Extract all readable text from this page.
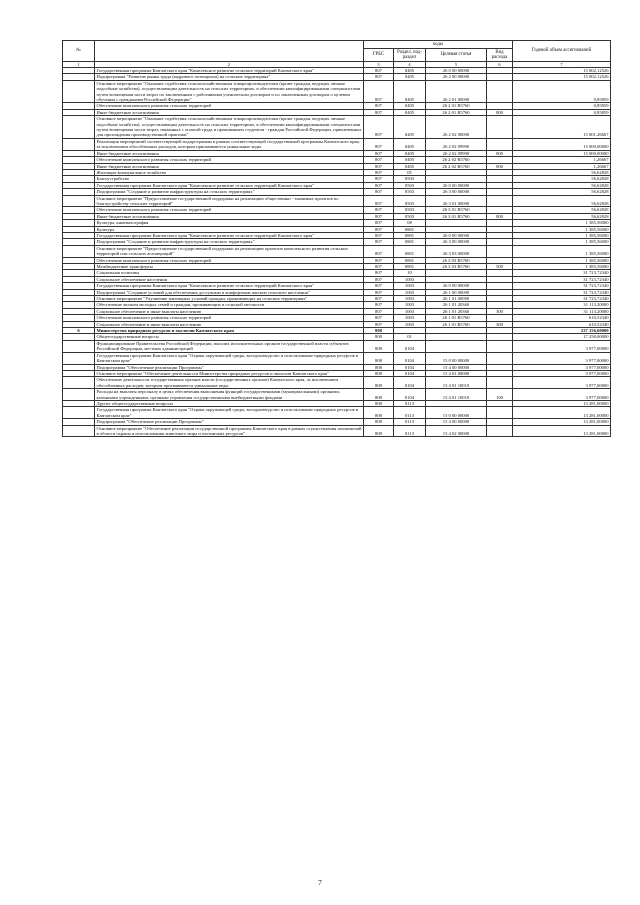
№		коды				Годовой объем ассигнований
		ГРБС	Раздел, под- раздел	Целевая статья	Вид расхода	
1	2	3	4	5	6	7
	Государственная программа Камчатского края "Комплексное развитие сельских территорий Камчатского края"	807	0405	26 0 00 00000		15 002,12526
	Подпрограмма "Развитие рынка труда (кадрового потенциала) на сельских территориях"	807	0405	26 2 00 00000		15 002,12526
	Основное мероприятие "Оказание содействия сельскохозяйственным товаропроизводителям (кроме граждан, ведущих личные подсобные хозяйства), осуществляющим деятельность на сельских территориях, в обеспечении квалифицированными специалистами путем возмещения части затрат по заключенным с работниками ученическим договорам и по заключенным договорам о целевом обучении с гражданами Российской Федерации"	807	0405	26 2 01 00000		0,85859
	Обеспечение комплексного развития сельских территорий	807	0405	26 2 01 R5760		0,85859
	Иные бюджетные ассигнования	807	0405	26 2 01 R5760	800	0,85859
	Основное мероприятие "Оказание содействия сельскохозяйственным товаропроизводителям (кроме граждан, ведущих личные подсобные хозяйства), осуществляющим деятельность на сельских территориях, в обеспечении квалифицированными специалистами путем возмещения части затрат, связанных с оплатой труда и проживанием студентов - граждан Российской Федерации, привлеченных для прохождения производственной практики"	807	0405	26 2 02 00000		15 001,26667
	Реализация мероприятий соответствующей подпрограммы в рамках соответствующей государственной программы Камчатского края, за исключением обособленных расходов, которым присваиваются уникальные коды	807	0405	26 2 02 09990		15 000,00000
	Иные бюджетные ассигнования	807	0405	26 2 02 09990	800	15 000,00000
	Обеспечение комплексного развития сельских территорий	807	0405	26 2 02 R5760		1,26667
	Иные бюджетные ассигнования	807	0405	26 2 02 R5760	800	1,26667
	Жилищно-коммунальное хозяйство	807	05			56,62828
	Благоустройство	807	0503			56,62828
	Государственная программа Камчатского края "Комплексное развитие сельских территорий Камчатского края"	807	0503	26 0 00 00000		56,62828
	Подпрограмма "Создание и развитие инфраструктуры на сельских территориях"	807	0503	26 3 00 00000		56,62828
	Основное мероприятие "Предоставление государственной поддержки на реализацию общественно - значимых проектов по благоустройству сельских территорий"	807	0503	26 3 01 00000		56,62828
	Обеспечение комплексного развития сельских территорий	807	0503	26 3 01 R5760		56,62828
	Иные бюджетные ассигнования	807	0503	26 3 01 R5760	800	56,62828
	Культура, кинематография	807	08			1 385,56000
	Культура	807	0801			1 385,56000
	Государственная программа Камчатского края "Комплексное развитие сельских территорий Камчатского края"	807	0801	26 0 00 00000		1 385,56000
	Подпрограмма "Создание и развитие инфраструктуры на сельских территориях"	807	0801	26 3 00 00000		1 385,56000
	Основное мероприятие "Предоставление государственной поддержки на реализацию проектов комплексного развития сельских территорий или сельских агломераций"	807	0801	26 3 03 00000		1 385,56000
	Обеспечение комплексного развития сельских территорий	807	0801	26 3 03 R5760		1 385,56000
	Межбюджетные трансферты	807	0801	26 3 03 R5760	500	1 385,56000
	Социальная политика	807	10			31 723,72340
	Социальное обеспечение населения	807	1003			31 723,72340
	Государственная программа Камчатского края "Комплексное развитие сельских территорий Камчатского края"	807	1003	26 0 00 00000		31 723,72340
	Подпрограмма "Создание условий для обеспечения доступным и комфортным жильем сельского населения"	807	1003	26 1 00 00000		31 723,72340
	Основное мероприятие "Улучшение жилищных условий граждан, проживающих на сельских территориях"	807	1003	26 1 01 00000		31 723,72340
	Обеспечение жильем молодых семей и граждан, проживающих в сельской местности	807	1003	26 1 01 20360		31 113,20000
	Социальное обеспечение и иные выплаты населению	807	1003	26 1 01 20360	300	31 113,20000
	Обеспечение комплексного развития сельских территорий	807	1003	26 1 01 R5760		610,52340
	Социальное обеспечение и иные выплаты населению	807	1003	26 1 01 R5760	300	610,52340
6	Министерство природных ресурсов и экологии Камчатского края	808				237 156,60000
	Общегосударственные вопросы	808	01			17 258,00000
	Функционирование Правительства Российской Федерации, высших исполнительных органов государственной власти субъектов Российской Федерации, местных администраций	808	0104			3 977,00000
	Государственная программа Камчатского края "Охрана окружающей среды, воспроизводство и использование природных ресурсов в Камчатском крае"	808	0104	15 0 00 00000		3 977,00000
	Подпрограмма "Обеспечение реализации Программы"	808	0104	15 4 00 00000		3 977,00000
	Основное мероприятие "Обеспечение деятельности Министерства природных ресурсов и экологии Камчатского края"	808	0104	15 4 01 00000		3 977,00000
	Обеспечение деятельности государственных органов власти (государственных органов) Камчатского края, за исключением обособленных расходов, которым присваиваются уникальные коды	808	0104	15 4 01 10010		3 977,00000
	Расходы на выплаты персоналу в целях обеспечения выполнения функций государственными (муниципальными) органами, казенными учреждениями, органами управления государственными внебюджетными фондами	808	0104	15 4 01 10010	100	3 977,00000
	Другие общегосударственные вопросы	808	0113			13 281,00000
	Государственная программа Камчатского края "Охрана окружающей среды, воспроизводство и использование природных ресурсов в Камчатском крае"	808	0113	15 0 00 00000		13 281,00000
	Подпрограмма "Обеспечение реализации Программы"	808	0113	15 4 00 00000		13 281,00000
	Основное мероприятие "Обеспечение реализации государственной программы Камчатского края в рамках осуществления полномочий в области охраны и использования животного мира и охотничьих ресурсов"	808	0113	15 4 02 00000		13 281,00000
7
